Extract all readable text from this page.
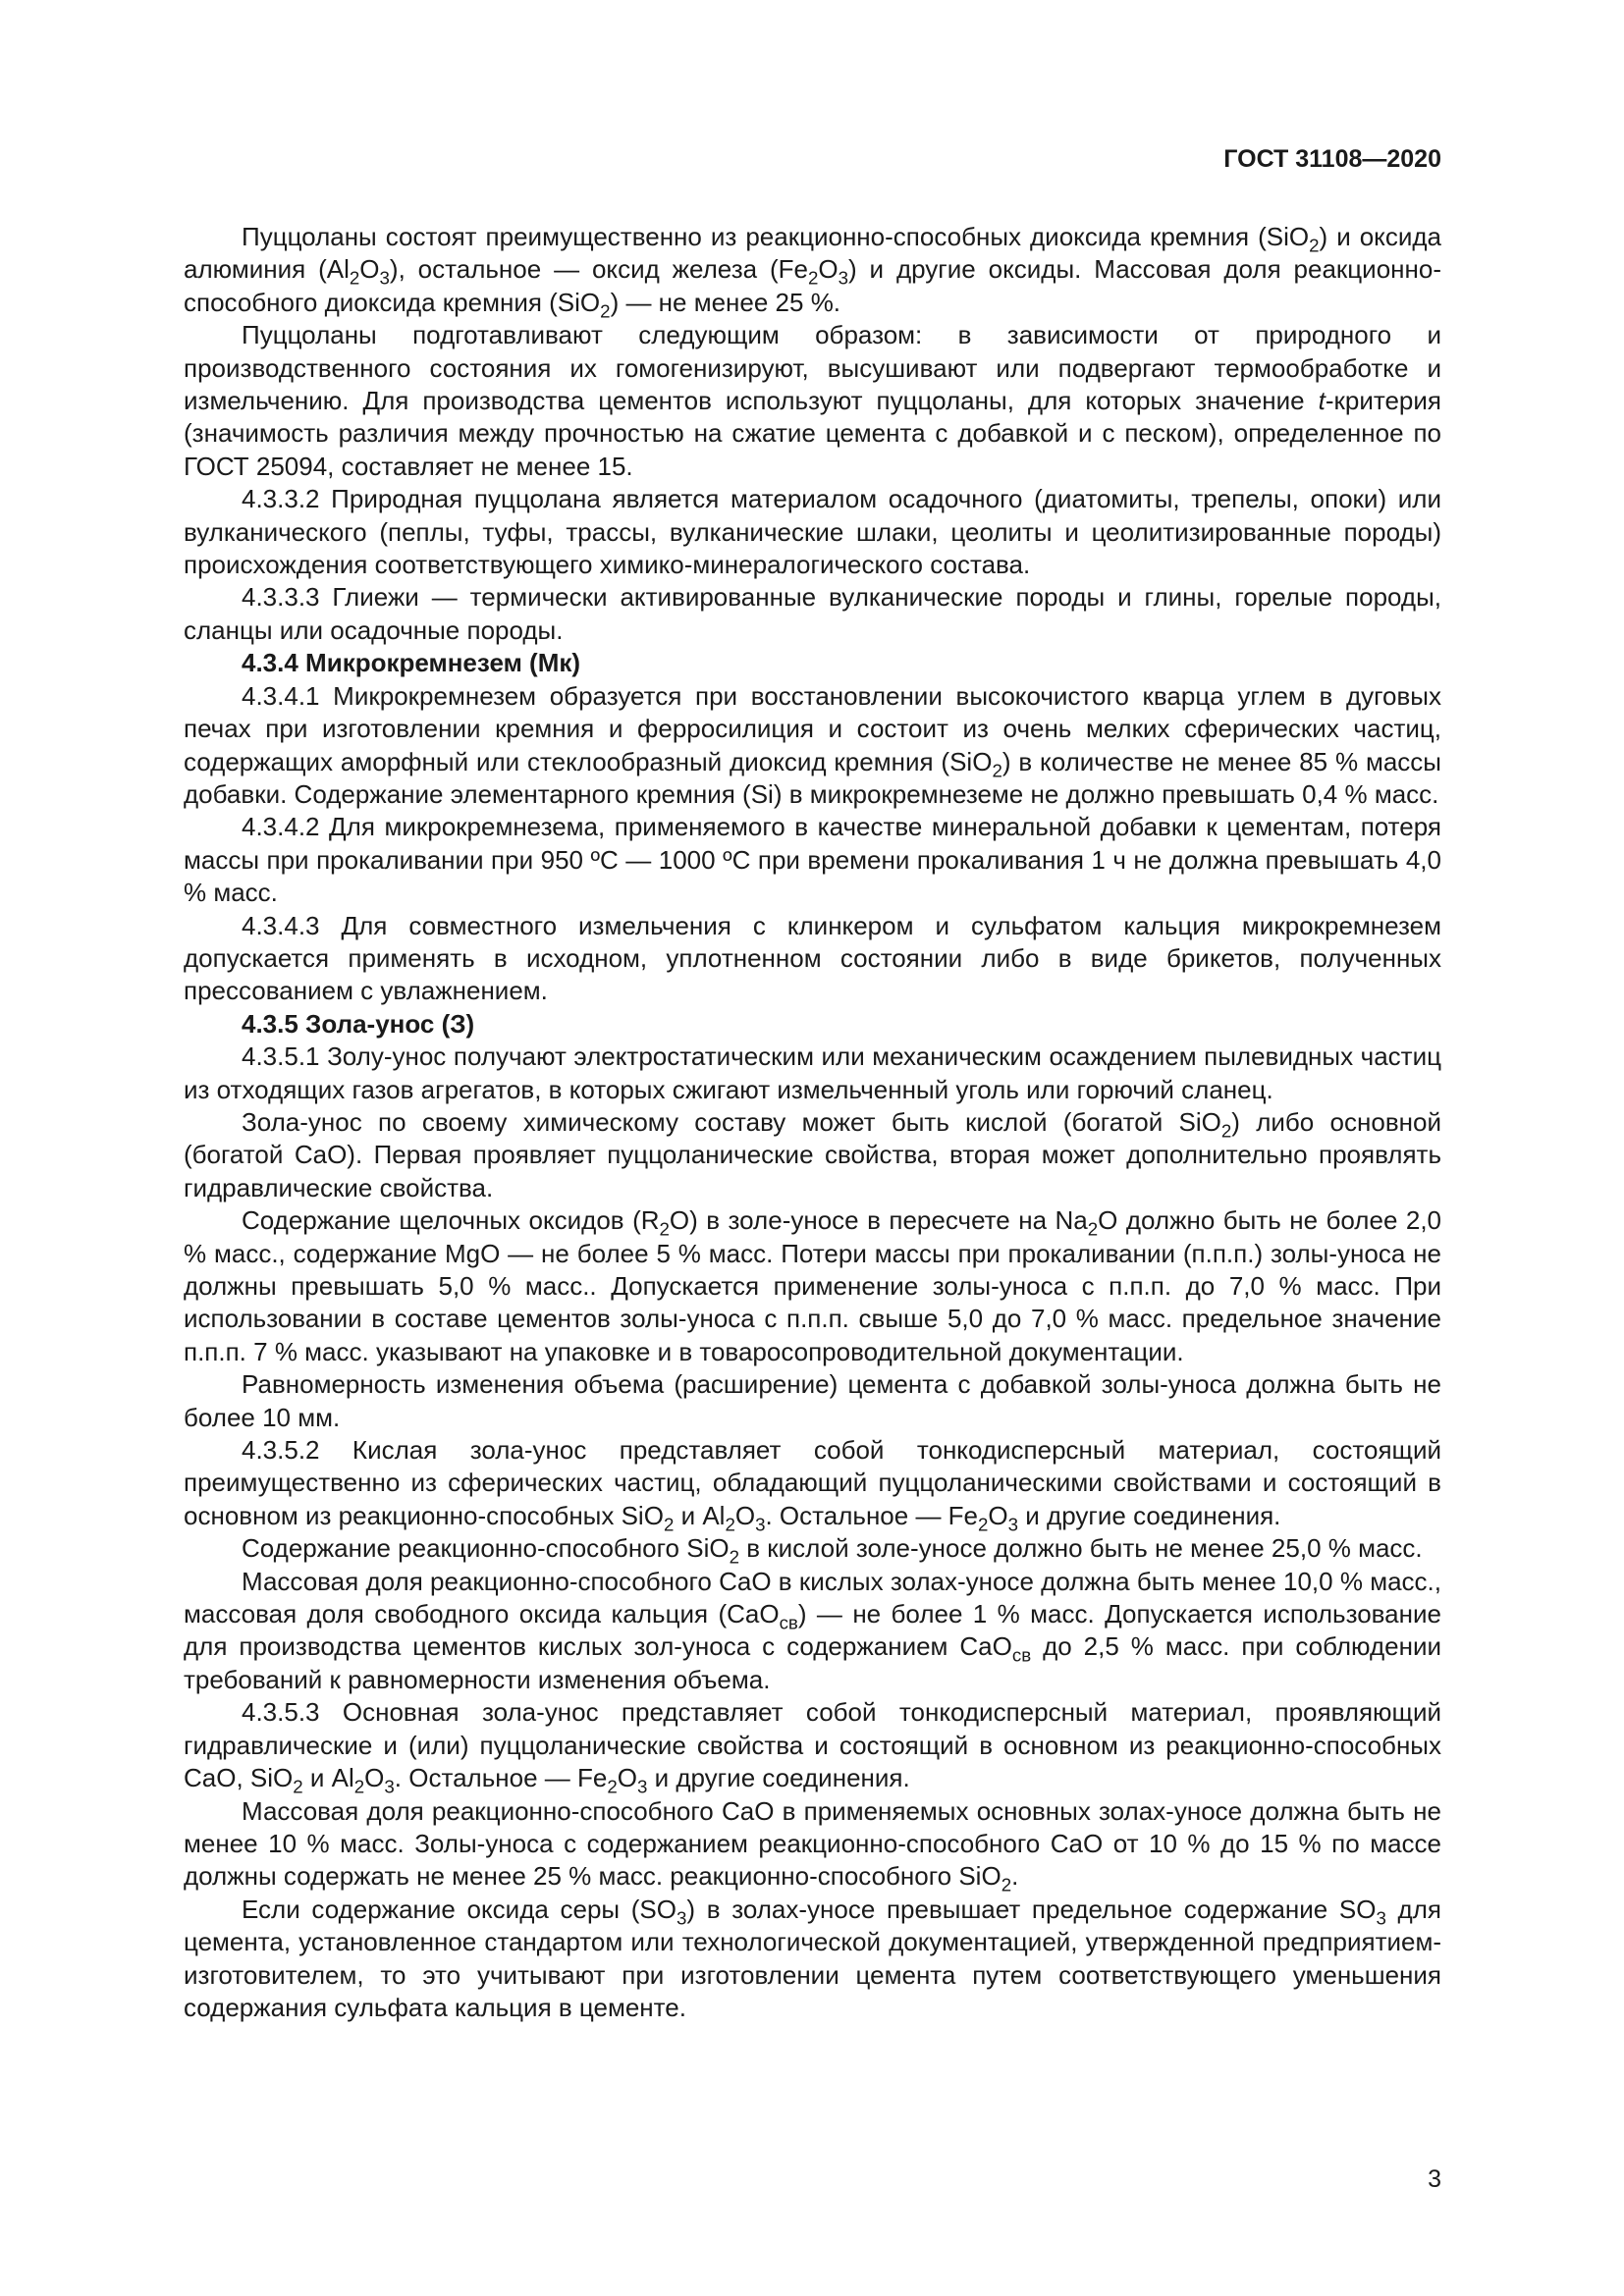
ГОСТ 31108—2020

Пуццоланы состоят преимущественно из реакционно-способных диоксида кремния (SiO$_2$) и оксида алюминия $(Al_2O_3)$, остальное — оксид железа $(Fe_2O_3)$ и другие оксиды. Массовая доля реакционно-способного диоксида кремния (SiO$_2$) — не менее 25 %.

Пуццоланы подготавливают следующим образом: в зависимости от природного и производственного состояния их гомогенизируют, высушивают или подвергают термообработке и измельчению. Для производства цементов используют пуццоланы, для которых значение t-критерия (значимость различия между прочностью на сжатие цемента с добавкой и с песком), определенное по ГОСТ 25094, составляет не менее 15.

4.3.3.2 Природная пуццолана является материалом осадочного (диатомиты, трепелы, опоки) или вулканического (пеплы, туфы, трассы, вулканические шлаки, цеолиты и цеолитизированные породы) происхождения соответствующего химико-минералогического состава.

4.3.3.3 Глиежи — термически активированные вулканические породы и глины, горелые породы, сланцы или осадочные породы.

4.3.4 Микрокремнезем (Мк)

4.3.4.1 Микрокремнезем образуется при восстановлении высокочистого кварца углем в дуговых печах при изготовлении кремния и ферросилиция и состоит из очень мелких сферических частиц, содержащих аморфный или стеклообразный диоксид кремния (SiO$_2$) в количестве не менее 85 % массы добавки. Содержание элементарного кремния (Si) в микрокремнеземе не должно превышать 0,4 % масс.

4.3.4.2 Для микрокремнезема, применяемого в качестве минеральной добавки к цементам, потеря массы при прокаливании при 950 ºС — 1000 ºС при времени прокаливания 1 ч не должна превышать 4,0 % масс.

4.3.4.3 Для совместного измельчения с клинкером и сульфатом кальция микрокремнезем допускается применять в исходном, уплотненном состоянии либо в виде брикетов, полученных прессованием с увлажнением.

4.3.5 Зола-унос (З)

4.3.5.1 Золу-унос получают электростатическим или механическим осаждением пылевидных частиц из отходящих газов агрегатов, в которых сжигают измельченный уголь или горючий сланец.

Зола-унос по своему химическому составу может быть кислой (богатой SiO$_2$) либо основной (богатой CaO). Первая проявляет пуццоланические свойства, вторая может дополнительно проявлять гидравлические свойства.

Содержание щелочных оксидов $(R_2O)$ в золе-уносе в пересчете на $Na_2O$ должно быть не более 2,0 % масс., содержание MgO — не более 5 % масс. Потери массы при прокаливании (п.п.п.) золы-уноса не должны превышать 5,0 % масс.. Допускается применение золы-уноса с п.п.п. до 7,0 % масс. При использовании в составе цементов золы-уноса с п.п.п. свыше 5,0 до 7,0 % масс. предельное значение п.п.п. 7 % масс. указывают на упаковке и в товаросопроводительной документации.

Равномерность изменения объема (расширение) цемента с добавкой золы-уноса должна быть не более 10 мм.

4.3.5.2 Кислая зола-унос представляет собой тонкодисперсный материал, состоящий преимущественно из сферических частиц, обладающий пуццоланическими свойствами и состоящий в основном из реакционно-способных SiO$_2$ и $Al_2O_3$. Остальное — $Fe_2O_3$ и другие соединения.

Содержание реакционно-способного SiO$_2$ в кислой золе-уносе должно быть не менее 25,0 % масс.

Массовая доля реакционно-способного CaO в кислых золах-уносе должна быть менее 10,0 % масс., массовая доля свободного оксида кальция (CaO$_{св}$) — не более 1 % масс. Допускается использование для производства цементов кислых зол-уноса с содержанием CaO$_{св}$ до 2,5 % масс. при соблюдении требований к равномерности изменения объема.

4.3.5.3 Основная зола-унос представляет собой тонкодисперсный материал, проявляющий гидравлические и (или) пуццоланические свойства и состоящий в основном из реакционно-способных CaO, SiO$_2$ и $Al_2O_3$. Остальное — $Fe_2O_3$ и другие соединения.

Массовая доля реакционно-способного CaO в применяемых основных золах-уносе должна быть не менее 10 % масс. Золы-уноса с содержанием реакционно-способного CaO от 10 % до 15 % по массе должны содержать не менее 25 % масс. реакционно-способного SiO$_2$.

Если содержание оксида серы $(SO_3)$ в золах-уносе превышает предельное содержание $SO_3$ для цемента, установленное стандартом или технологической документацией, утвержденной предприятием-изготовителем, то это учитывают при изготовлении цемента путем соответствующего уменьшения содержания сульфата кальция в цементе.

3
